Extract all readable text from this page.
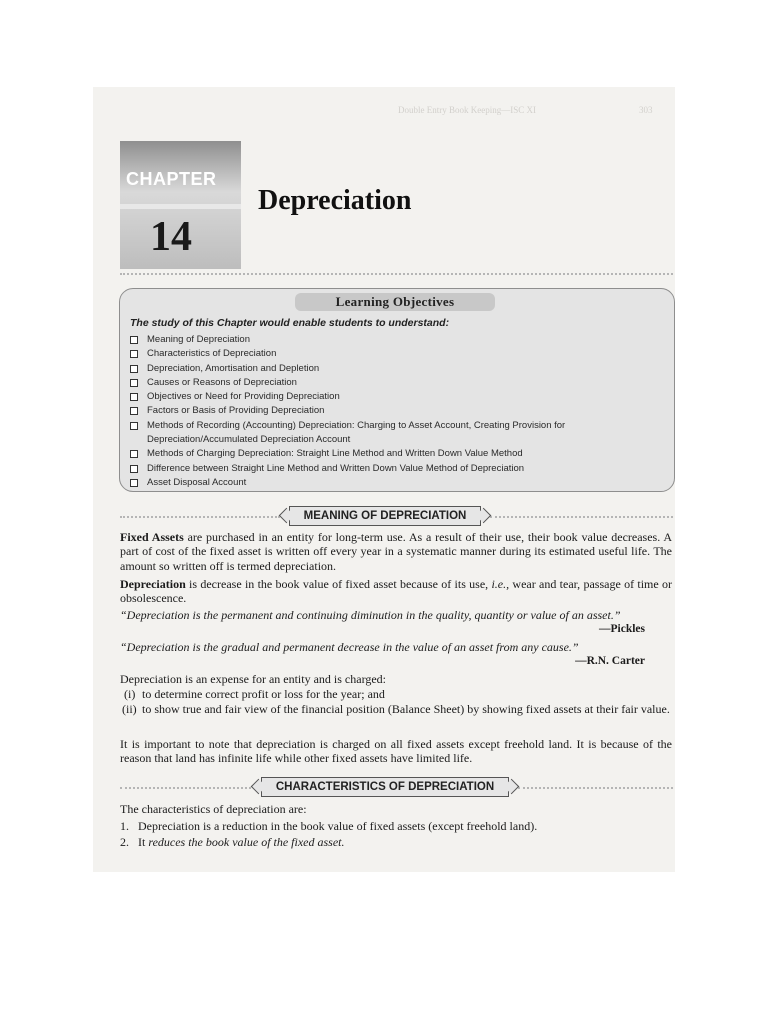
Double Entry Book Keeping—ISC XI	303
CHAPTER
14
Depreciation
Learning Objectives
The study of this Chapter would enable students to understand:
Meaning of Depreciation
Characteristics of Depreciation
Depreciation, Amortisation and Depletion
Causes or Reasons of Depreciation
Objectives or Need for Providing Depreciation
Factors or Basis of Providing Depreciation
Methods of Recording (Accounting) Depreciation: Charging to Asset Account, Creating Provision for Depreciation/Accumulated Depreciation Account
Methods of Charging Depreciation: Straight Line Method and Written Down Value Method
Difference between Straight Line Method and Written Down Value Method of Depreciation
Asset Disposal Account
MEANING OF DEPRECIATION
Fixed Assets are purchased in an entity for long-term use. As a result of their use, their book value decreases. A part of cost of the fixed asset is written off every year in a systematic manner during its estimated useful life. The amount so written off is termed depreciation.
Depreciation is decrease in the book value of fixed asset because of its use, i.e., wear and tear, passage of time or obsolescence.
“Depreciation is the permanent and continuing diminution in the quality, quantity or value of an asset.”
—Pickles
“Depreciation is the gradual and permanent decrease in the value of an asset from any cause.”
—R.N. Carter
Depreciation is an expense for an entity and is charged:
(i) to determine correct profit or loss for the year; and
(ii) to show true and fair view of the financial position (Balance Sheet) by showing fixed assets at their fair value.
It is important to note that depreciation is charged on all fixed assets except freehold land. It is because of the reason that land has infinite life while other fixed assets have limited life.
CHARACTERISTICS OF DEPRECIATION
The characteristics of depreciation are:
1. Depreciation is a reduction in the book value of fixed assets (except freehold land).
2. It reduces the book value of the fixed asset.
